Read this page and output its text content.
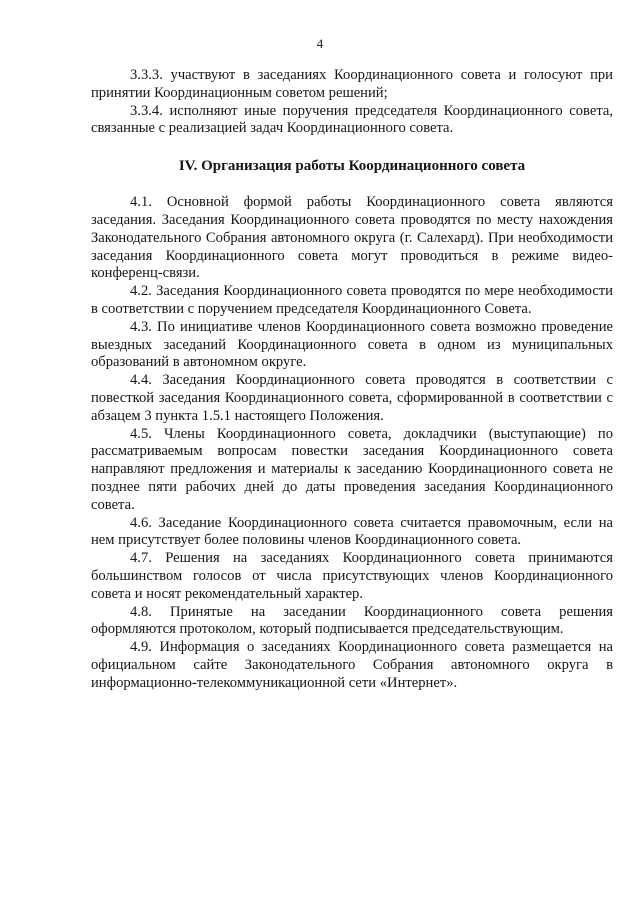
4

3.3.3. участвуют в заседаниях Координационного совета и голосуют при принятии Координационным советом решений;

3.3.4. исполняют иные поручения председателя Координационного совета, связанные с реализацией задач Координационного совета.

IV. Организация работы Координационного совета

4.1. Основной формой работы Координационного совета являются заседания. Заседания Координационного совета проводятся по месту нахождения Законодательного Собрания автономного округа (г. Салехард). При необходимости заседания Координационного совета могут проводиться в режиме видео-конференц-связи.

4.2. Заседания Координационного совета проводятся по мере необходимости в соответствии с поручением председателя Координационного Совета.

4.3. По инициативе членов Координационного совета возможно проведение выездных заседаний Координационного совета в одном из муниципальных образований в автономном округе.

4.4. Заседания Координационного совета проводятся в соответствии с повесткой заседания Координационного совета, сформированной в соответствии с абзацем 3 пункта 1.5.1 настоящего Положения.

4.5. Члены Координационного совета, докладчики (выступающие) по рассматриваемым вопросам повестки заседания Координационного совета направляют предложения и материалы к заседанию Координационного совета не позднее пяти рабочих дней до даты проведения заседания Координационного совета.

4.6. Заседание Координационного совета считается правомочным, если на нем присутствует более половины членов Координационного совета.

4.7. Решения на заседаниях Координационного совета принимаются большинством голосов от числа присутствующих членов Координационного совета и носят рекомендательный характер.

4.8. Принятые на заседании Координационного совета решения оформляются протоколом, который подписывается председательствующим.

4.9. Информация о заседаниях Координационного совета размещается на официальном сайте Законодательного Собрания автономного округа в информационно-телекоммуникационной сети «Интернет».
